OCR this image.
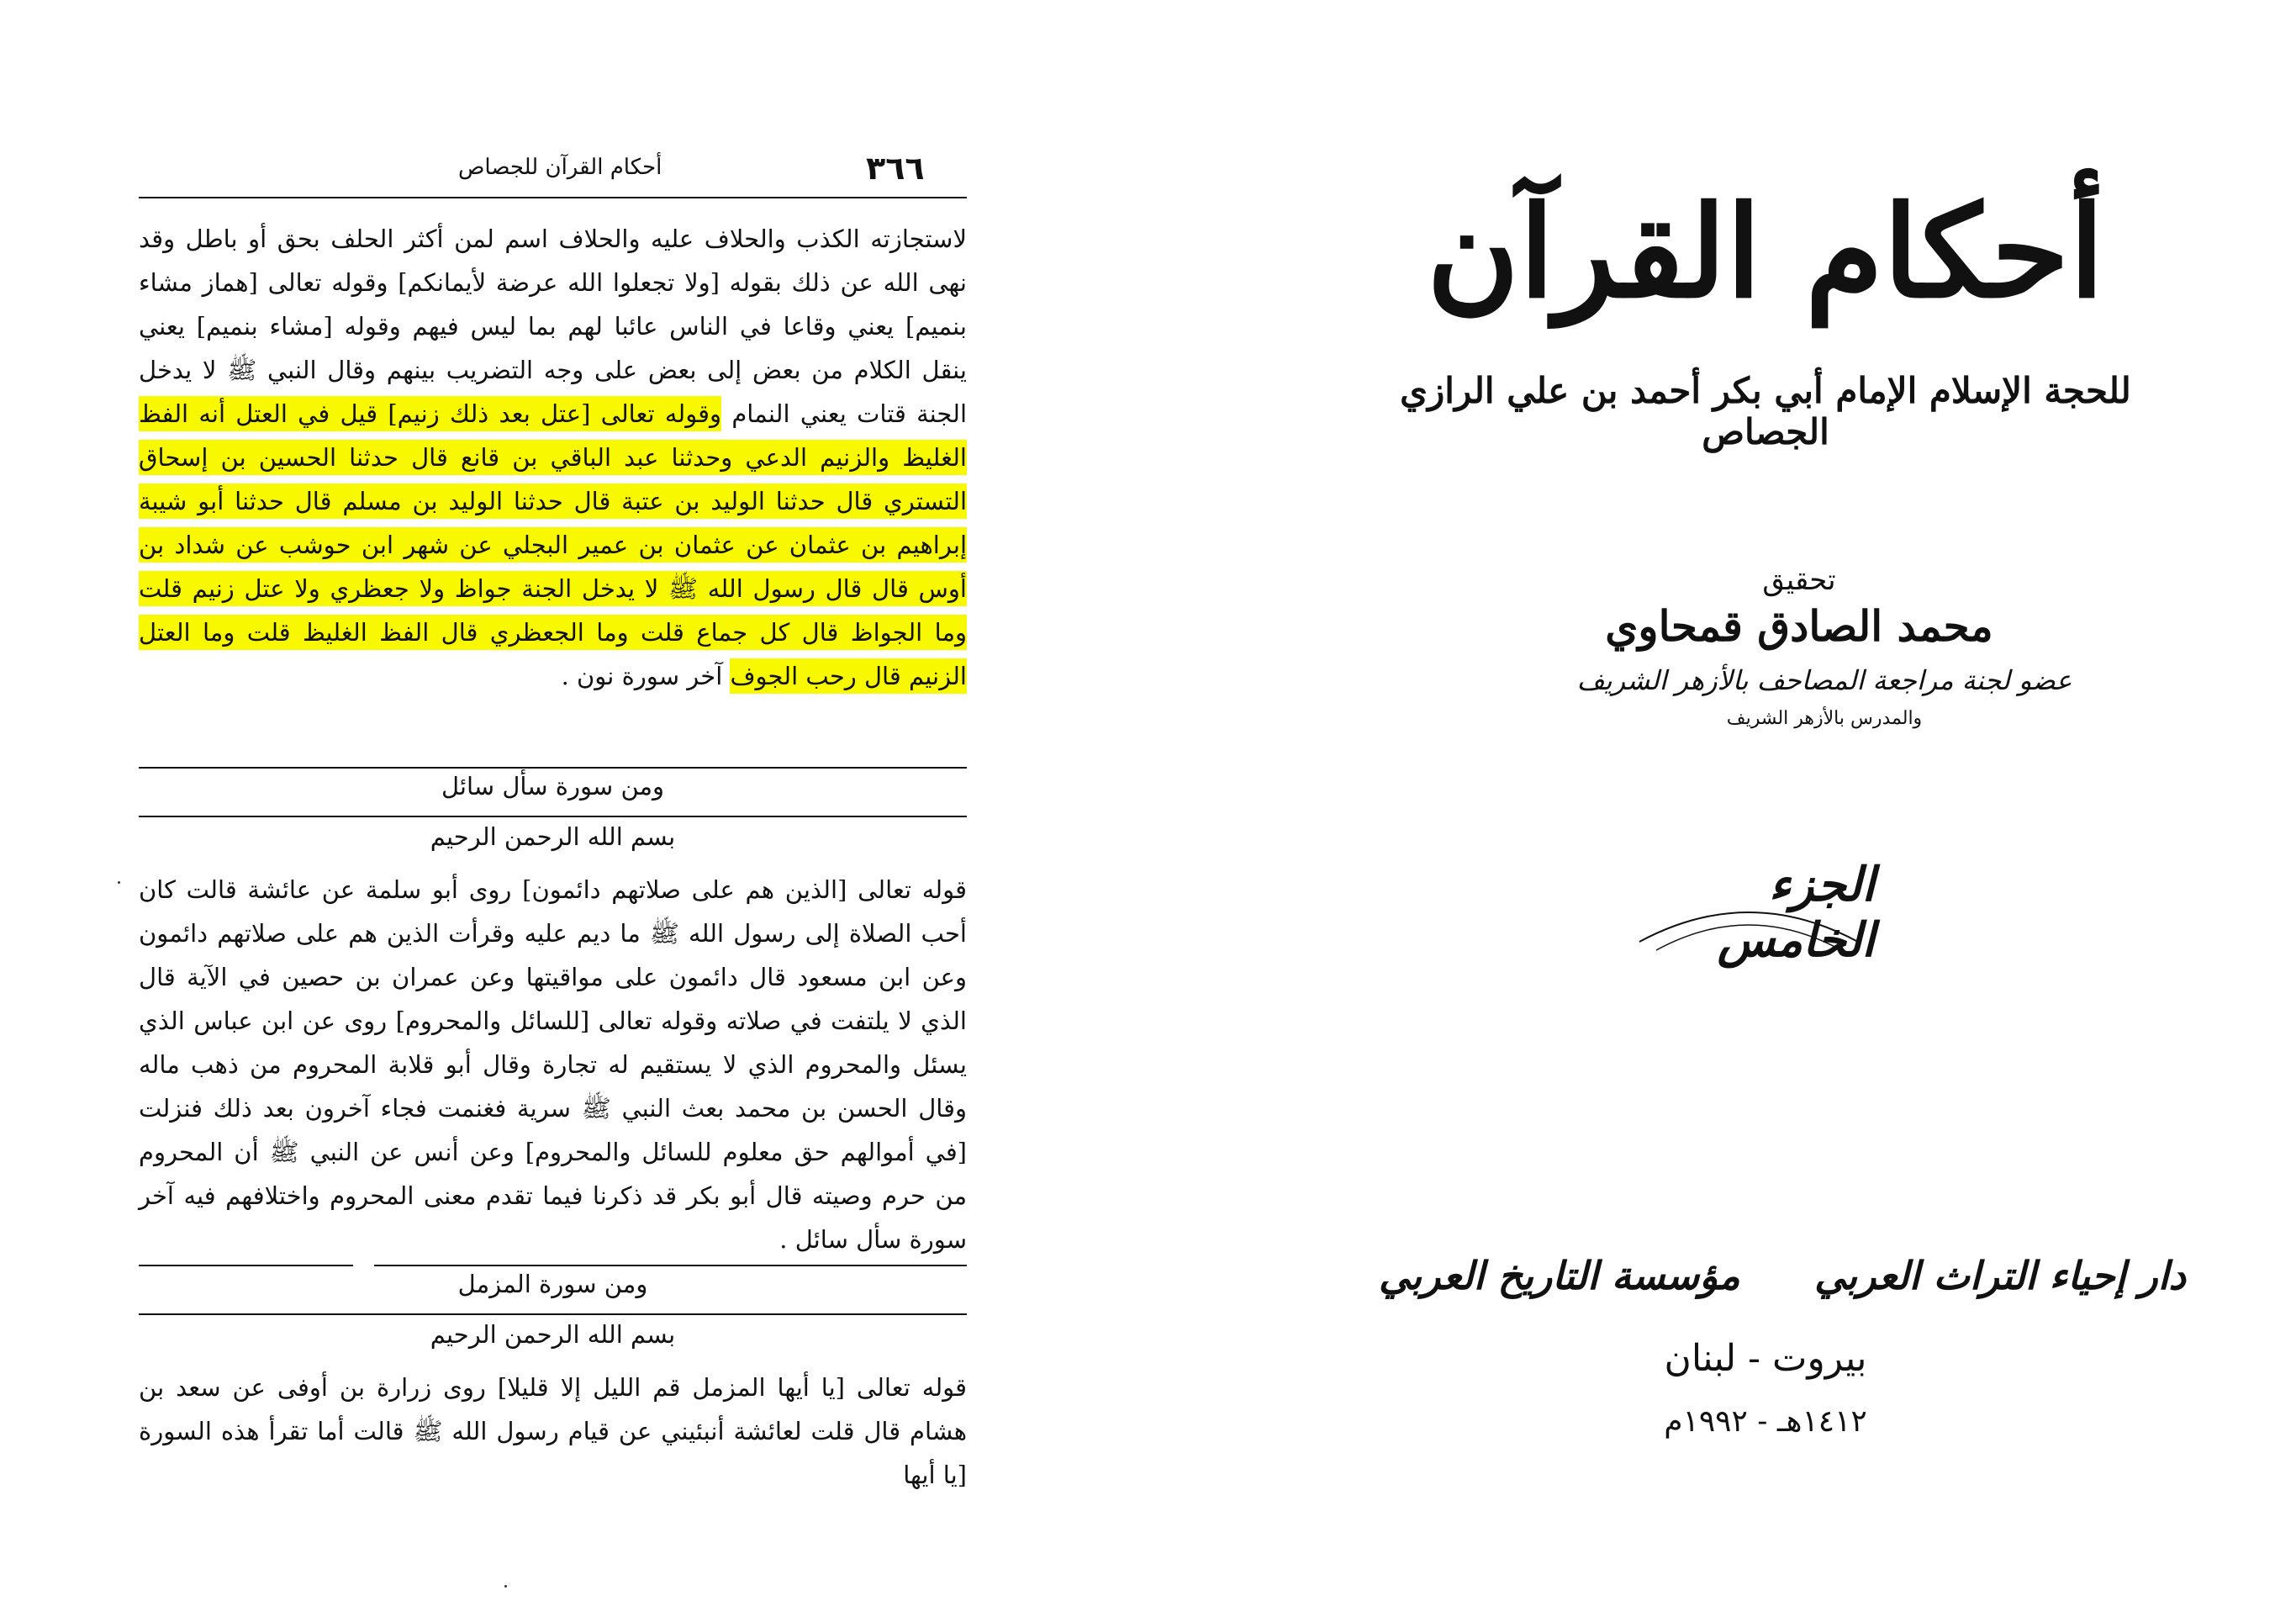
٣٦٦
أحكام القرآن للجصاص

لاستجازته الكذب والحلاف عليه والحلاف اسم لمن أكثر الحلف بحق أو باطل وقد نهى الله عن ذلك بقوله [ولا تجعلوا الله عرضة لأيمانكم] وقوله تعالى [هماز مشاء بنميم] يعني وقاعا في الناس عائبا لهم بما ليس فيهم وقوله [مشاء بنميم] يعني ينقل الكلام من بعض إلى بعض على وجه التضريب بينهم وقال النبي ﷺ لا يدخل الجنة قتات يعني النمام وقوله تعالى [عتل بعد ذلك زنيم] قيل في العتل أنه الفظ الغليظ والزنيم الدعي وحدثنا عبد الباقي بن قانع قال حدثنا الحسين بن إسحاق التستري قال حدثنا الوليد بن عتبة قال حدثنا الوليد بن مسلم قال حدثنا أبو شيبة إبراهيم بن عثمان عن عثمان بن عمير البجلي عن شهر ابن حوشب عن شداد بن أوس قال قال رسول الله ﷺ لا يدخل الجنة جواظ ولا جعظري ولا عتل زنيم قلت وما الجواظ قال كل جماع قلت وما الجعظري قال الفظ الغليظ قلت وما العتل الزنيم قال رحب الجوف آخر سورة نون .

ومن سورة سأل سائل
بسم الله الرحمن الرحيم

قوله تعالى [الذين هم على صلاتهم دائمون] روى أبو سلمة عن عائشة قالت كان أحب الصلاة إلى رسول الله ﷺ ما ديم عليه وقرأت الذين هم على صلاتهم دائمون وعن ابن مسعود قال دائمون على مواقيتها وعن عمران بن حصين في الآية قال الذي لا يلتفت في صلاته وقوله تعالى [للسائل والمحروم] روى عن ابن عباس الذي يسئل والمحروم الذي لا يستقيم له تجارة وقال أبو قلابة المحروم من ذهب ماله وقال الحسن بن محمد بعث النبي ﷺ سرية فغنمت فجاء آخرون بعد ذلك فنزلت [في أموالهم حق معلوم للسائل والمحروم] وعن أنس عن النبي ﷺ أن المحروم من حرم وصيته قال أبو بكر قد ذكرنا فيما تقدم معنى المحروم واختلافهم فيه آخر سورة سأل سائل .

ومن سورة المزمل
بسم الله الرحمن الرحيم

قوله تعالى [يا أيها المزمل قم الليل إلا قليلا] روى زرارة بن أوفى عن سعد بن هشام قال قلت لعائشة أنبئيني عن قيام رسول الله ﷺ قالت أما تقرأ هذه السورة [يا أيها

أحكام القرآن
للحجة الإسلام الإمام أبي بكر أحمد بن علي الرازي الجصاص
تحقيق
محمد الصادق قمحاوي
عضو لجنة مراجعة المصاحف بالأزهر الشريف
والمدرس بالأزهر الشريف
الجزء الخامس
دار إحياء التراث العربي
مؤسسة التاريخ العربي
بيروت - لبنان
١٤١٢هـ - ١٩٩٢م
